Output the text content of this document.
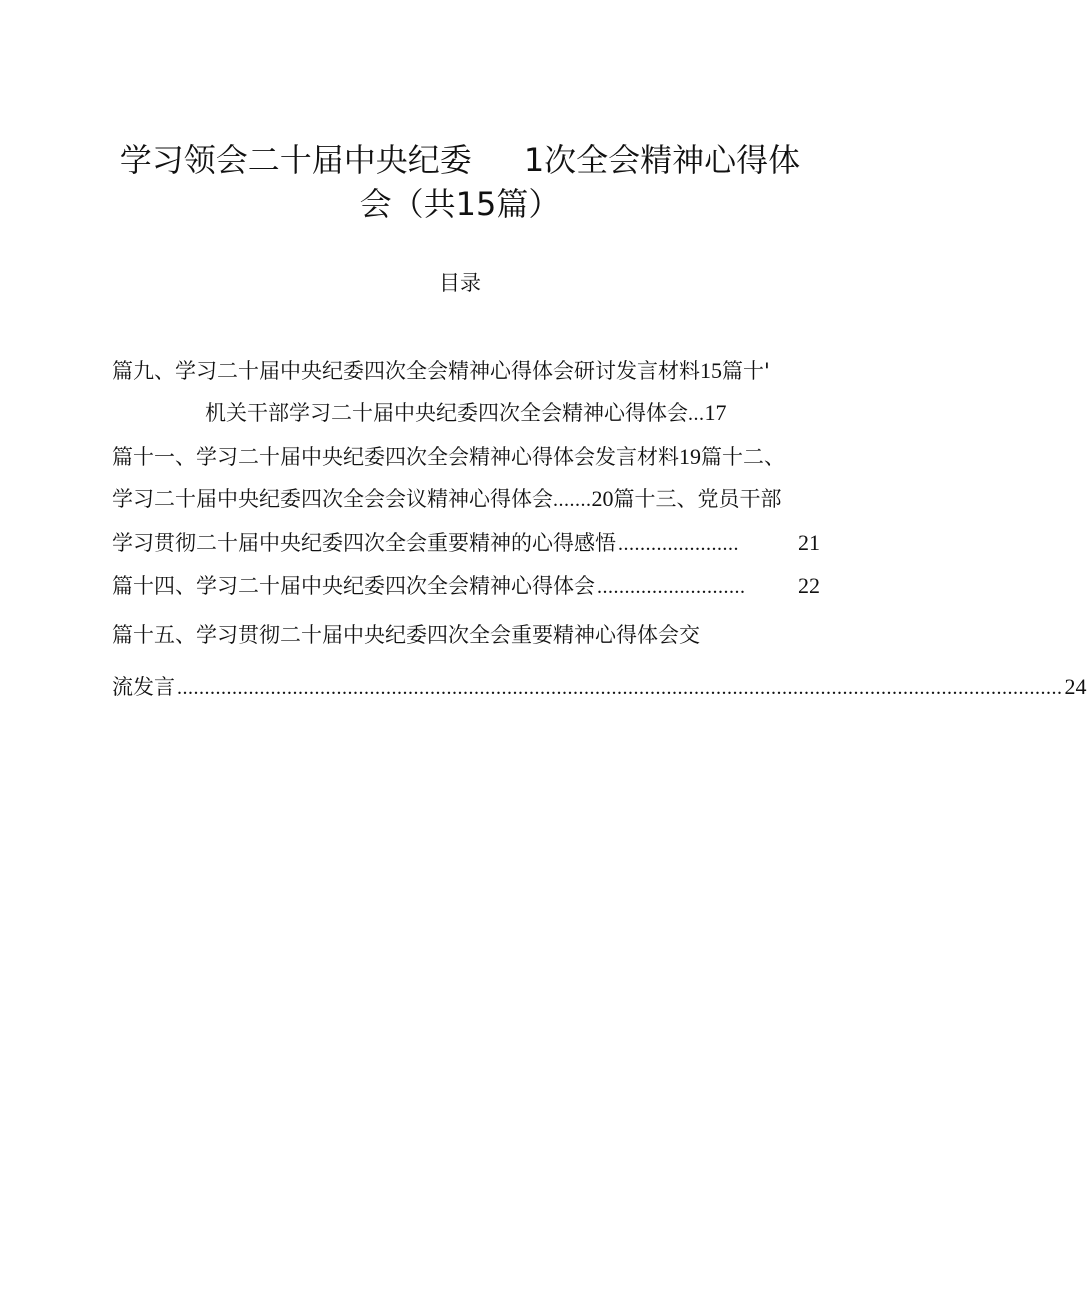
学习领会二十届中央纪委 1次全会精神心得体
会（共15篇）
目录
篇九、学习二十届中央纪委四次全会精神心得体会研讨发言材料15篇十'
机关干部学习二十届中央纪委四次全会精神心得体会...17
篇十一、学习二十届中央纪委四次全会精神心得体会发言材料19篇十二、
学习二十届中央纪委四次全会会议精神心得体会.......20篇十三、党员干部
学习贯彻二十届中央纪委四次全会重要精神的心得感悟 ......................	21
篇十四、学习二十届中央纪委四次全会精神心得体会 ...........................	22
篇十五、学习贯彻二十届中央纪委四次全会重要精神心得体会交
流发言 ................................................................................................................................................................. 24
